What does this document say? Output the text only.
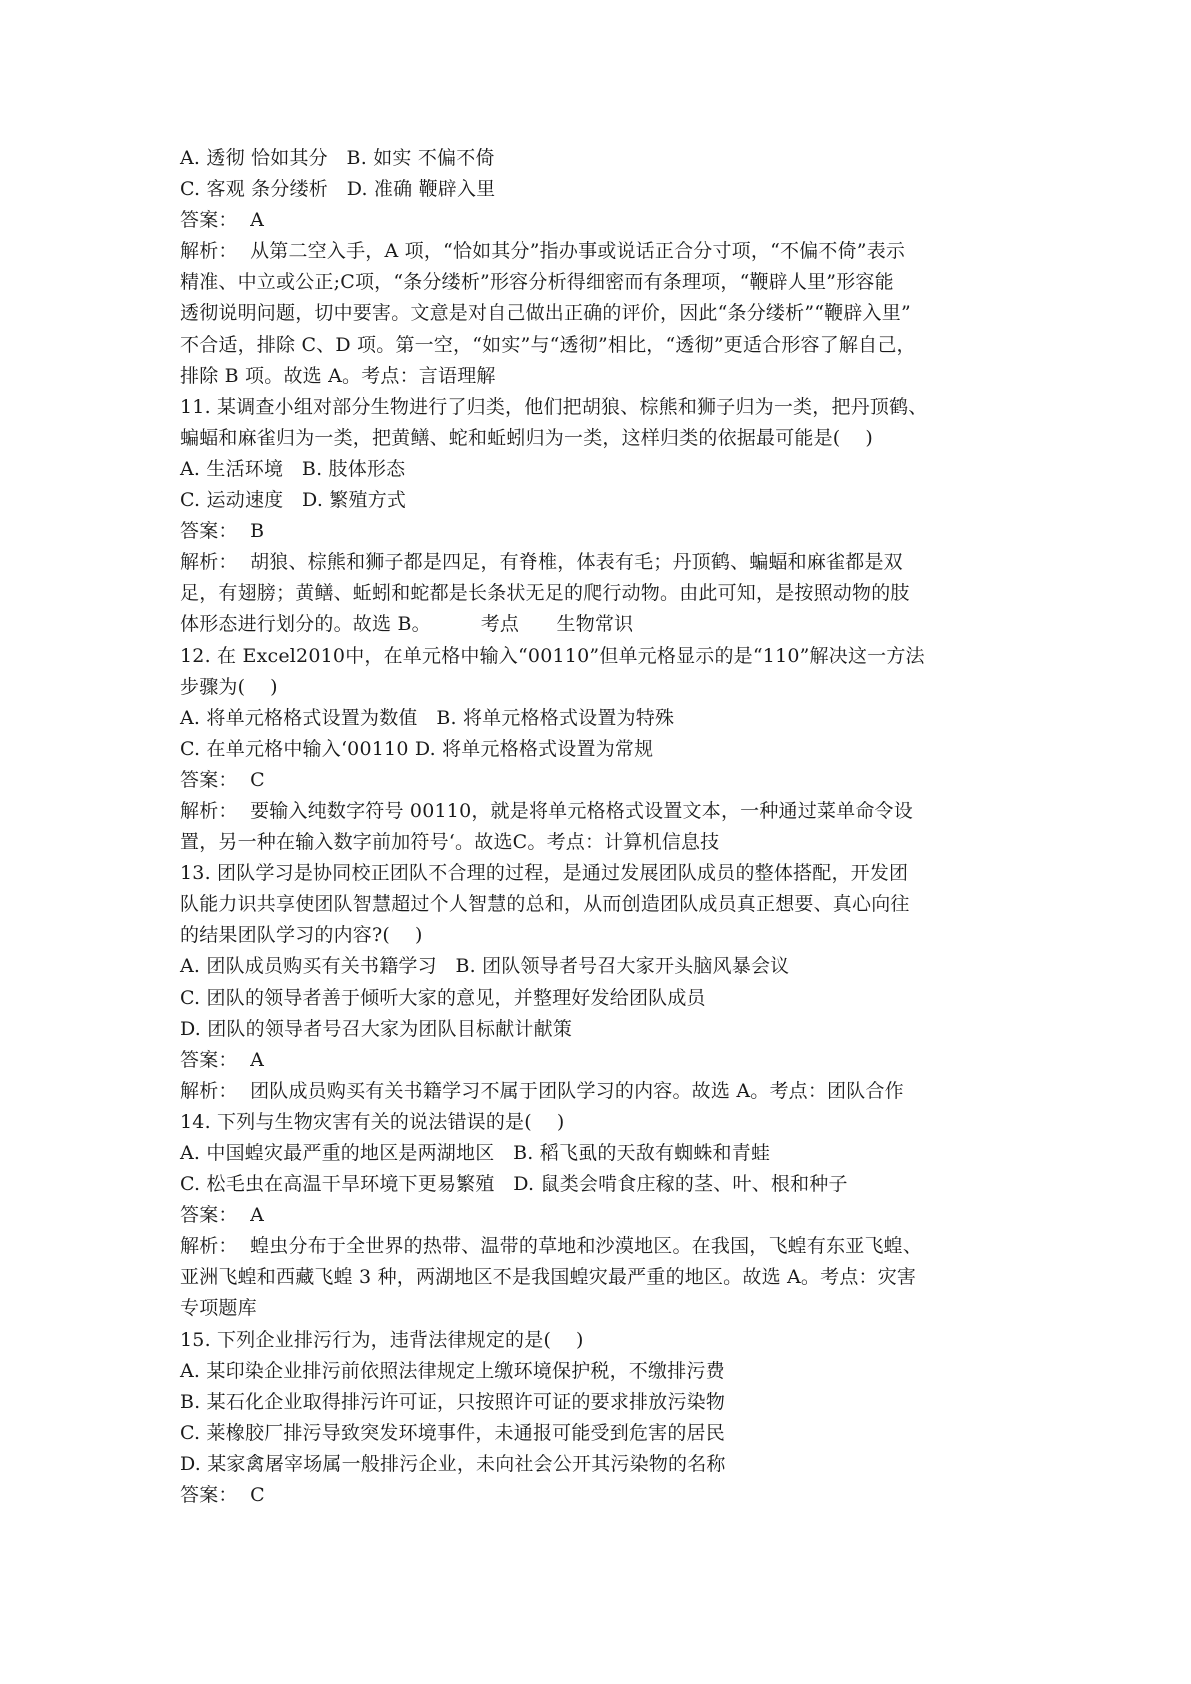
A. 透彻 恰如其分   B. 如实 不偏不倚
C. 客观 条分缕析   D. 准确 鞭辟入里
答案：  A
解析：  从第二空入手，A 项，“恰如其分”指办事或说话正合分寸项，“不偏不倚”表示
精准、中立或公正;C项，“条分缕析”形容分析得细密而有条理项，“鞭辟人里”形容能
透彻说明问题，切中要害。文意是对自己做出正确的评价，因此“条分缕析”“鞭辟入里”
不合适，排除 C、D 项。第一空，“如实”与“透彻”相比，“透彻”更适合形容了解自己，
排除 B 项。故选 A。考点：言语理解
11. 某调查小组对部分生物进行了归类，他们把胡狼、棕熊和狮子归为一类，把丹顶鹤、
蝙蝠和麻雀归为一类，把黄鳝、蛇和蚯蚓归为一类，这样归类的依据最可能是(    )
A. 生活环境   B. 肢体形态
C. 运动速度   D. 繁殖方式
答案：  B
解析：  胡狼、棕熊和狮子都是四足，有脊椎，体表有毛；丹顶鹤、蝙蝠和麻雀都是双
足，有翅膀；黄鳝、蚯蚓和蛇都是长条状无足的爬行动物。由此可知，是按照动物的肢
体形态进行划分的。故选 B。        考点      生物常识
12. 在 Excel2010中，在单元格中输入“00110”但单元格显示的是“110”解决这一方法
步骤为(    )
A. 将单元格格式设置为数值   B. 将单元格格式设置为特殊
C. 在单元格中输入‘00110 D. 将单元格格式设置为常规
答案：  C
解析：  要输入纯数字符号 00110，就是将单元格格式设置文本，一种通过菜单命令设
置，另一种在输入数字前加符号‘。故选C。考点：计算机信息技
13. 团队学习是协同校正团队不合理的过程，是通过发展团队成员的整体搭配，开发团
队能力识共享使团队智慧超过个人智慧的总和，从而创造团队成员真正想要、真心向往
的结果团队学习的内容?(    )
A. 团队成员购买有关书籍学习   B. 团队领导者号召大家开头脑风暴会议
C. 团队的领导者善于倾听大家的意见，并整理好发给团队成员
D. 团队的领导者号召大家为团队目标献计献策
答案：  A
解析：  团队成员购买有关书籍学习不属于团队学习的内容。故选 A。考点：团队合作
14. 下列与生物灾害有关的说法错误的是(    )
A. 中国蝗灾最严重的地区是两湖地区   B. 稻飞虱的天敌有蜘蛛和青蛙
C. 松毛虫在高温干旱环境下更易繁殖   D. 鼠类会啃食庄稼的茎、叶、根和种子
答案：  A
解析：  蝗虫分布于全世界的热带、温带的草地和沙漠地区。在我国，飞蝗有东亚飞蝗、
亚洲飞蝗和西藏飞蝗 3 种，两湖地区不是我国蝗灾最严重的地区。故选 A。考点：灾害
专项题库
15. 下列企业排污行为，违背法律规定的是(    )
A. 某印染企业排污前依照法律规定上缴环境保护税，不缴排污费
B. 某石化企业取得排污许可证，只按照许可证的要求排放污染物
C. 莱橡胶厂排污导致突发环境事件，未通报可能受到危害的居民
D. 某家禽屠宰场属一般排污企业，未向社会公开其污染物的名称
答案：  C
